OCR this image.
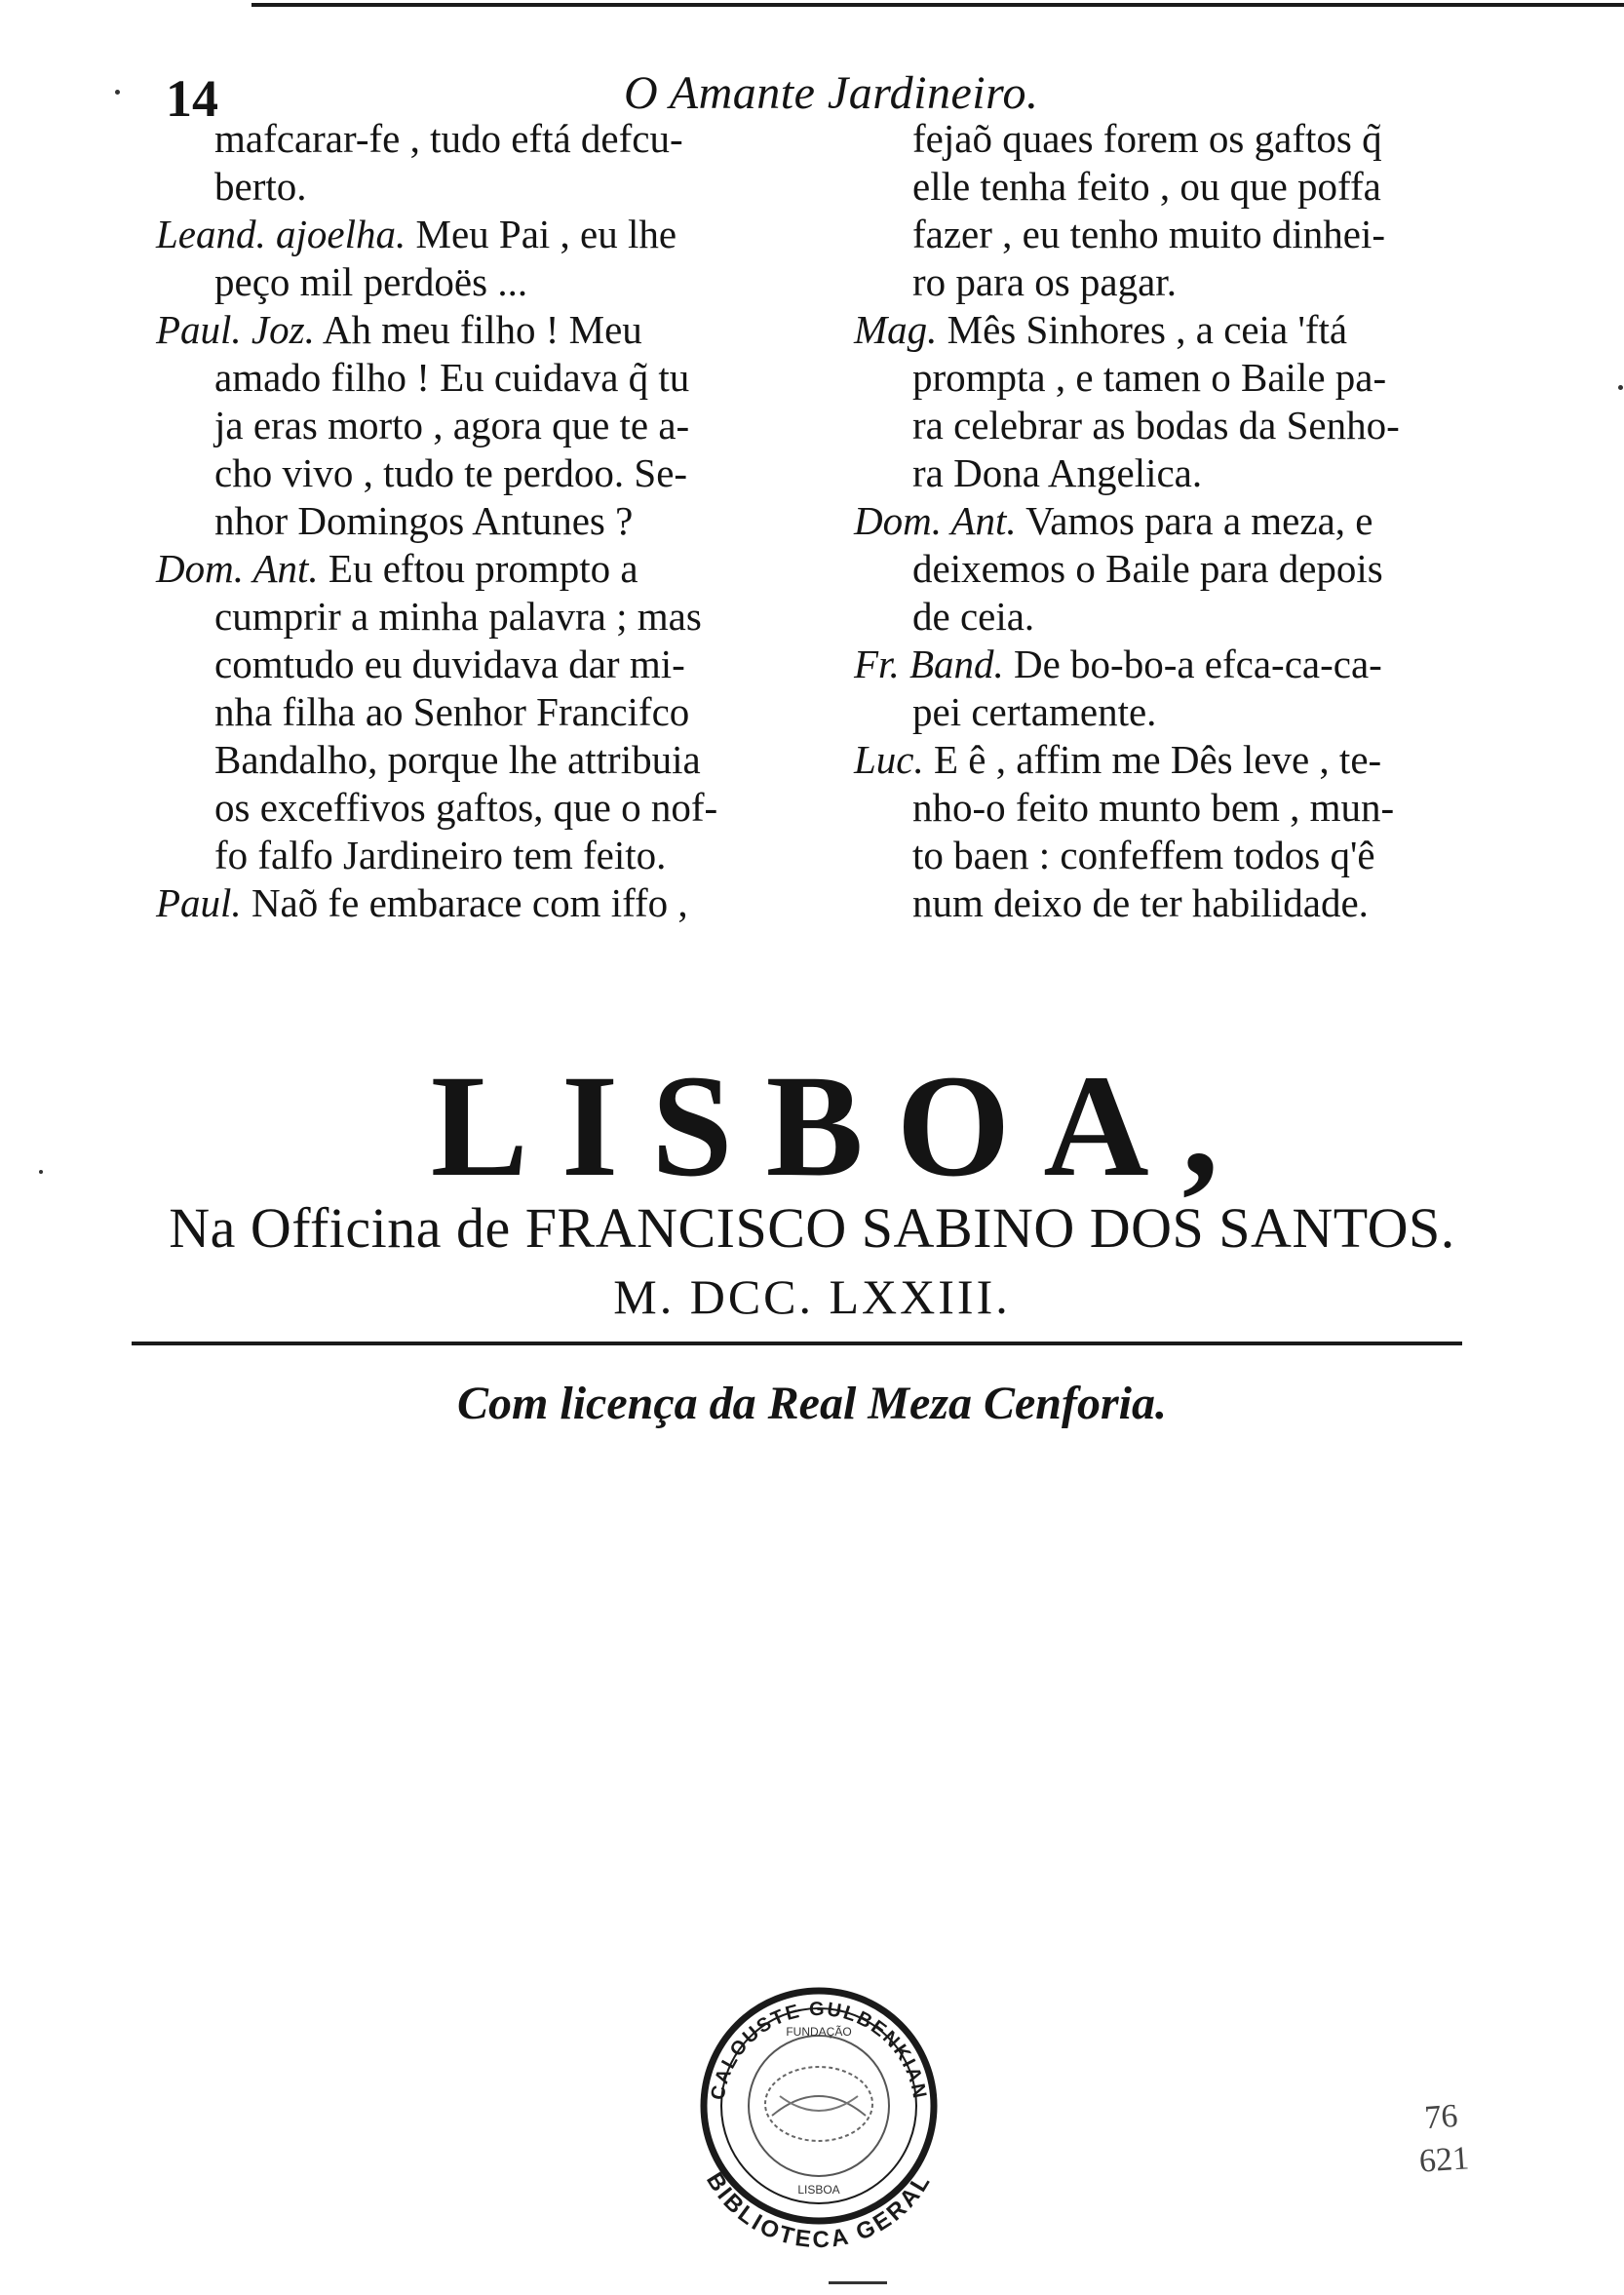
14	O Amante Jardineiro.
mafcarar-fe , tudo eftá defcu-
berto.
Leand. ajoelha. Meu Pai , eu lhe
peço mil perdoës ...
Paul. Joz. Ah meu filho ! Meu
amado filho ! Eu cuidava q̃ tu
ja eras morto , agora que te a-
cho vivo , tudo te perdoo. Se-
nhor Domingos Antunes ?
Dom. Ant. Eu eftou prompto a
cumprir a minha palavra ; mas
comtudo eu duvidava dar mi-
nha filha ao Senhor Francifco
Bandalho, porque lhe attribuia
os exceffivos gaftos, que o nof-
fo falfo Jardineiro tem feito.
Paul. Naõ fe embarace com iffo ,
fejaõ quaes forem os gaftos q̃
elle tenha feito , ou que poffa
fazer , eu tenho muito dinhei-
ro para os pagar.
Mag. Mês Sinhores , a ceia 'ftá
prompta , e tamen o Baile pa-
ra celebrar as bodas da Senho-
ra Dona Angelica.
Dom. Ant. Vamos para a meza, e
deixemos o Baile para depois
de ceia.
Fr. Band. De bo-bo-a efca-ca-ca-
pei certamente.
Luc. E ê , affim me Dês leve , te-
nho-o feito munto bem , mun-
to baen : confeffem todos q'ê
num deixo de ter habilidade.
LISBOA,
Na Officina de FRANCISCO SABINO DOS SANTOS.
M. DCC. LXXIII.
Com licença da Real Meza Cenforia.
CALOUSTE GULBENKIAN
LISBOA
FUNDAÇÃO
BIBLIOTECA GERAL
76
621
